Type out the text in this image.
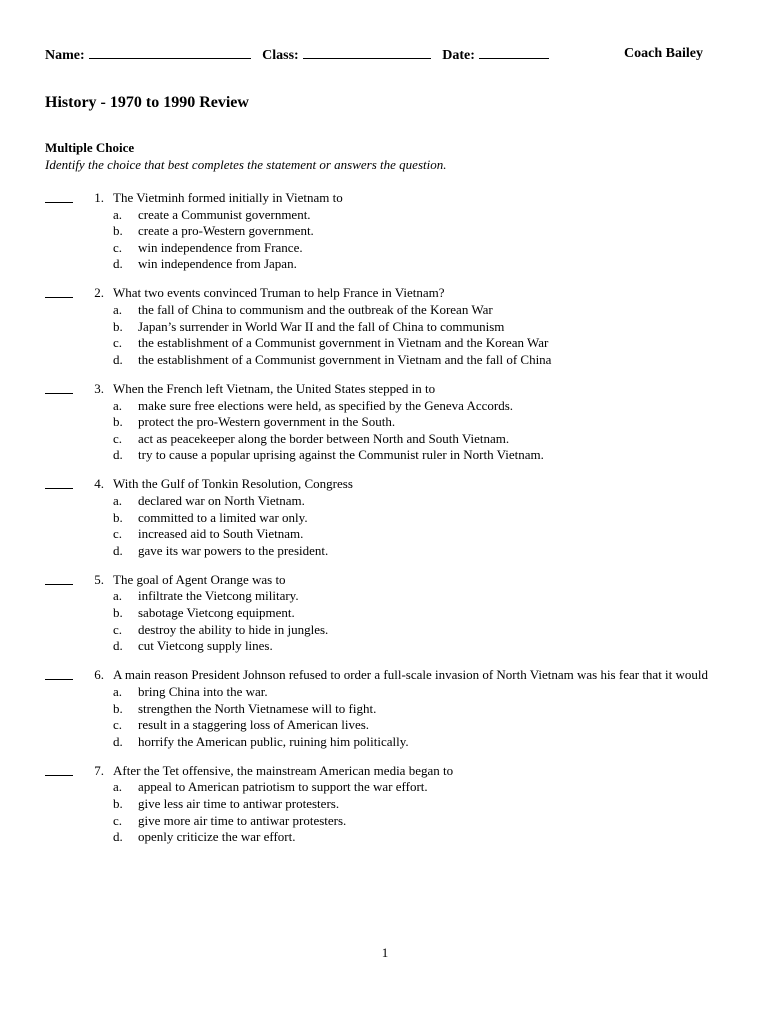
Name:	Class:	Date:	Coach Bailey
History - 1970 to 1990 Review
Multiple Choice
Identify the choice that best completes the statement or answers the question.
1. The Vietminh formed initially in Vietnam to
a. create a Communist government.
b. create a pro-Western government.
c. win independence from France.
d. win independence from Japan.
2. What two events convinced Truman to help France in Vietnam?
a. the fall of China to communism and the outbreak of the Korean War
b. Japan’s surrender in World War II and the fall of China to communism
c. the establishment of a Communist government in Vietnam and the Korean War
d. the establishment of a Communist government in Vietnam and the fall of China
3. When the French left Vietnam, the United States stepped in to
a. make sure free elections were held, as specified by the Geneva Accords.
b. protect the pro-Western government in the South.
c. act as peacekeeper along the border between North and South Vietnam.
d. try to cause a popular uprising against the Communist ruler in North Vietnam.
4. With the Gulf of Tonkin Resolution, Congress
a. declared war on North Vietnam.
b. committed to a limited war only.
c. increased aid to South Vietnam.
d. gave its war powers to the president.
5. The goal of Agent Orange was to
a. infiltrate the Vietcong military.
b. sabotage Vietcong equipment.
c. destroy the ability to hide in jungles.
d. cut Vietcong supply lines.
6. A main reason President Johnson refused to order a full-scale invasion of North Vietnam was his fear that it would
a. bring China into the war.
b. strengthen the North Vietnamese will to fight.
c. result in a staggering loss of American lives.
d. horrify the American public, ruining him politically.
7. After the Tet offensive, the mainstream American media began to
a. appeal to American patriotism to support the war effort.
b. give less air time to antiwar protesters.
c. give more air time to antiwar protesters.
d. openly criticize the war effort.
1
